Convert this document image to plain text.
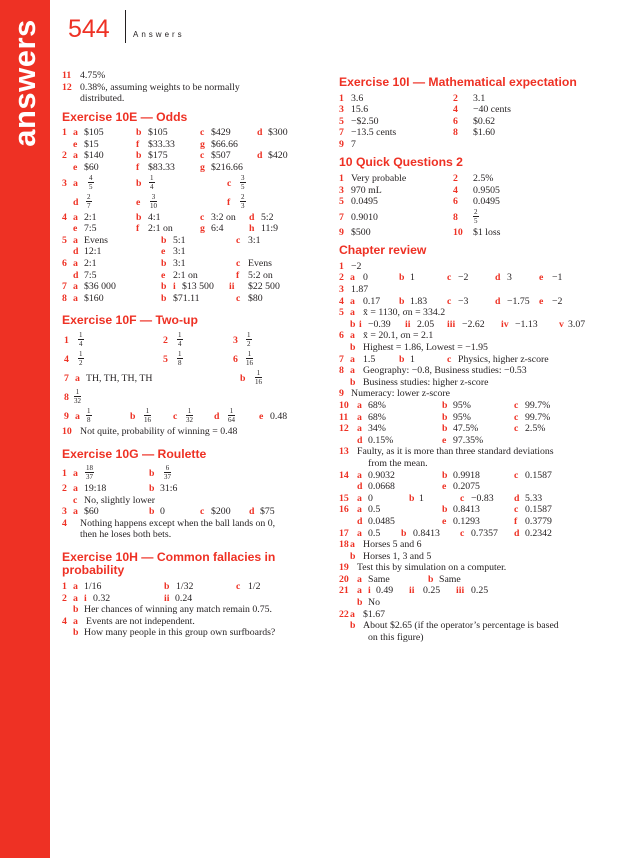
answers 544	Answers
11 4.75%
12 0.38%, assuming weights to be normally
distributed.
Exercise 10E — Odds
1 a $105	b $105	c $429	d $300
e $15	f $33.33	g $66.66
2 a $140	b $175	c $507	d $420
e $60	f $83.33	g $216.66
3 a $\frac{4}{5}$	b $\frac{1}{4}$	c $\frac{3}{5}$
d $\frac{2}{7}$	e $\frac{3}{10}$	f $\frac{2}{3}$
4 a 2:1	b 4:1	c 3:2 on d 5:2
e 7:5	f 2:1 on	g 6:4	h 11:9
5 a Evens	b 5:1	c 3:1
d 12:1	e 3:1
6 a 2:1	b 3:1	c Evens
d 7:5	e 2:1 on	f 5:2 on
7 a $36 000	b i $13 500 ii $22 500
8 a $160	b $71.11	c $80
Exercise 10F — Two-up
$1 \frac{1}{4}$	$2 \frac{1}{4}$	$3 \frac{1}{2}$
$4 \frac{1}{2}$	$5 \frac{1}{8}$	$6 \frac{1}{16}$
7 a TH, TH, TH, TH	b $\frac{1}{16}$
$8 \frac{1}{32}$
9 a $\frac{1}{8}$	b $\frac{1}{16}$ c $\frac{1}{32}$ d $\frac{1}{64}$ e 0.48
10 Not quite, probability of winning = 0.48
Exercise 10G — Roulette
1 a $\frac{18}{37}$	b $\frac{6}{37}$
2 a 19:18	b 31:6
c No, slightly lower
3 a $60	b 0	c $200 d $75
4 Nothing happens except when the ball lands on 0,
then he loses both bets.
Exercise 10H — Common fallacies in probability
1 a 1/16	b 1/32	c 1/2
2 a i 0.32	ii 0.24
b Her chances of winning any match remain 0.75.
4 a Events are not independent.
b How many people in this group own surfboards?
Exercise 10I — Mathematical expectation
1 3.6	2 3.1
3 15.6	4 −40 cents
5 −$2.50	6 $0.62
7 −13.5 cents	8 $1.60
9 7
10 Quick Questions 2
1 Very probable	2 2.5%
3 970 mL	4 0.9505
5 0.0495	6 0.0495
7 0.9010	$8 \frac{2}{5}$
9 $500	10 $1 loss
Chapter review
1 −2
2 a 0	b 1	c −2	d 3	e −1
3 1.87
4 a 0.17 b 1.83 c −3	d −1.75 e −2
5 a x̄ = 1130, σn = 334.2
b i −0.39 ii 2.05 iii −2.62 iv −1.13 v 3.07
6 a x̄ = 20.1, σn = 2.1
b Highest = 1.86, Lowest = −1.95
7 a 1.5 b 1	c Physics, higher z-score
8 a Geography: −0.8, Business studies: −0.53
b Business studies: higher z-score
9 Numeracy: lower z-score
10 a 68%	b 95%	c 99.7%
11 a 68%	b 95%	c 99.7%
12 a 34%	b 47.5%	c 2.5%
d 0.15%	e 97.35%
13 Faulty, as it is more than three standard deviations
from the mean.
14 a 0.9032	b 0.9918	c 0.1587
d 0.0668	e 0.2075
15 a 0	b 1	c −0.83 d 5.33
16 a 0.5	b 0.8413	c 0.1587
d 0.0485	e 0.1293	f 0.3779
17 a 0.5 b 0.8413 c 0.7357 d 0.2342
18 a Horses 5 and 6
b Horses 1, 3 and 5
19 Test this by simulation on a computer.
20 a Same	b Same
21 a i 0.49 ii 0.25 iii 0.25
b No
22 a $1.67
b About $2.65 (if the operator’s percentage is based
on this figure)
